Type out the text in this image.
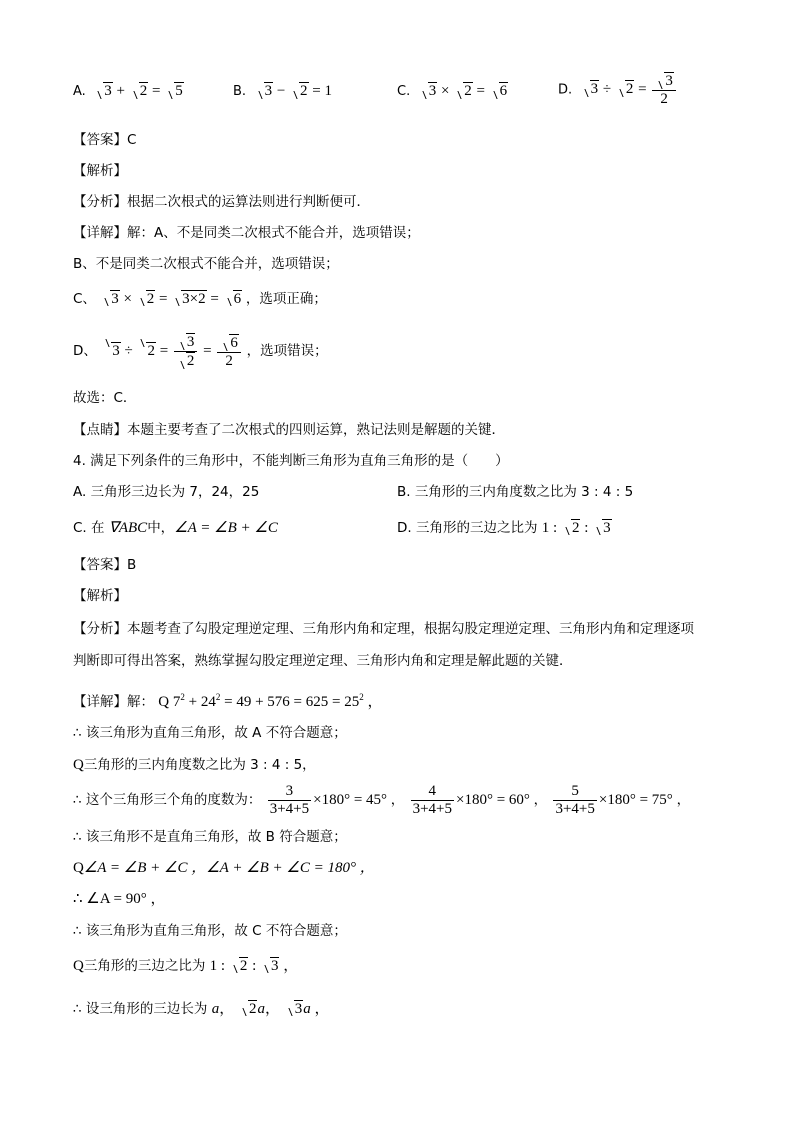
A. 3 + 2 = 5	B. 3 − 2 = 1	C. 3 × 2 = 6	D. $3 \div 2 = \frac{3}{2}$
【答案】C
【解析】
【分析】根据二次根式的运算法则进行判断便可．
【详解】解：A、不是同类二次根式不能合并，选项错误；
B、不是同类二次根式不能合并，选项错误；
C、 3 × 2 = 3×2 = 6 ，选项正确；
D、 $3 \div 2 = \frac{3}{2} = \frac{6}{2}$ ，选项错误；
故选：C．
【点睛】本题主要考查了二次根式的四则运算，熟记法则是解题的关键．
4. 满足下列条件的三角形中，不能判断三角形为直角三角形的是（　　）
A. 三角形三边长为 7，24，25	B. 三角形的三内角度数之比为 3 : 4 : 5
C. 在 ∇ABC中，∠A = ∠B + ∠C	D. 三角形的三边之比为 1 : 2 : 3
【答案】B
【解析】
【分析】本题考查了勾股定理逆定理、三角形内角和定理，根据勾股定理逆定理、三角形内角和定理逐项
判断即可得出答案，熟练掌握勾股定理逆定理、三角形内角和定理是解此题的关键．
【详解】解： Q $7^2 + 24^2 = 49 + 576 = 625 = 25^2$ ，
∴ 该三角形为直角三角形，故 A 不符合题意；
Q三角形的三内角度数之比为 3 : 4 : 5，
∴ 这个三角形三个角的度数为： $\frac{3}{3+4+5} \times 180^\circ = 45^\circ$ ， $\frac{4}{3+4+5} \times 180^\circ = 60^\circ$ ， $\frac{5}{3+4+5} \times 180^\circ = 75^\circ$ ，
∴ 该三角形不是直角三角形，故 B 符合题意；
Q∠A = ∠B + ∠C ，∠A + ∠B + ∠C = 180° ，
∴ ∠A = 90° ，
∴ 该三角形为直角三角形，故 C 不符合题意；
Q三角形的三边之比为 1 : 2 : 3 ，
∴ 设三角形的三边长为 a， 2a， 3a ，
